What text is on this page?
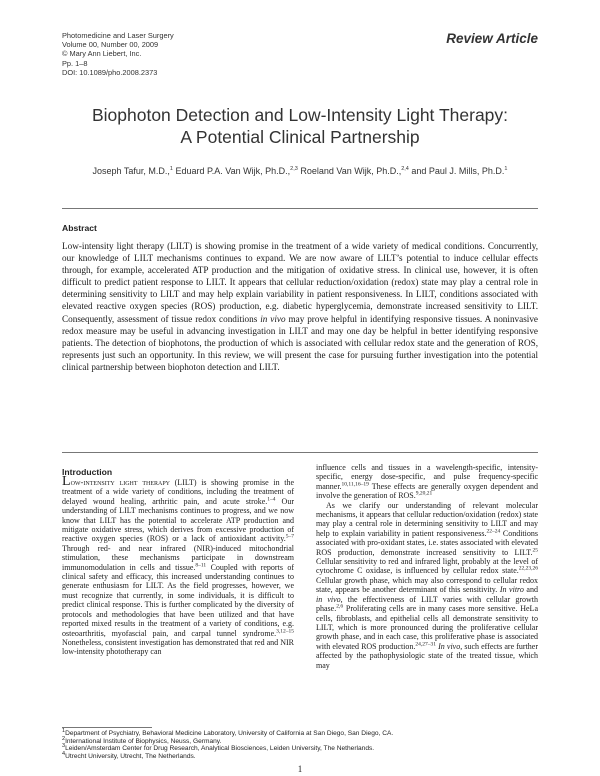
Photomedicine and Laser Surgery
Volume 00, Number 00, 2009
© Mary Ann Liebert, Inc.
Pp. 1–8
DOI: 10.1089/pho.2008.2373
Review Article
Biophoton Detection and Low-Intensity Light Therapy:
A Potential Clinical Partnership
Joseph Tafur, M.D.,$^1$ Eduard P.A. Van Wijk, Ph.D.,$^{2,3}$ Roeland Van Wijk, Ph.D.,$^{2,4}$ and Paul J. Mills, Ph.D.$^1$
Abstract

Low-intensity light therapy (LILT) is showing promise in the treatment of a wide variety of medical conditions. Concurrently, our knowledge of LILT mechanisms continues to expand. We are now aware of LILT’s potential to induce cellular effects through, for example, accelerated ATP production and the mitigation of oxidative stress. In clinical use, however, it is often difficult to predict patient response to LILT. It appears that cellular reduction/oxidation (redox) state may play a central role in determining sensitivity to LILT and may help explain variability in patient responsiveness. In LILT, conditions associated with elevated reactive oxygen species (ROS) production, e.g. diabetic hyperglycemia, demonstrate increased sensitivity to LILT. Consequently, assessment of tissue redox conditions in vivo may prove helpful in identifying responsive tissues. A noninvasive redox measure may be useful in advancing investigation in LILT and may one day be helpful in better identifying responsive patients. The detection of biophotons, the production of which is associated with cellular redox state and the generation of ROS, represents just such an opportunity. In this review, we will present the case for pursuing further investigation into the potential clinical partnership between biophoton detection and LILT.

Introduction

Low-intensity light therapy (LILT) is showing promise in the treatment of a wide variety of conditions, including the treatment of delayed wound healing, arthritic pain, and acute stroke.$^{1-4}$ Our understanding of LILT mechanisms continues to progress, and we now know that LILT has the potential to accelerate ATP production and mitigate oxidative stress, which derives from excessive production of reactive oxygen species (ROS) or a lack of antioxidant activity.$^{5-7}$ Through red- and near infrared (NIR)-induced mitochondrial stimulation, these mechanisms participate in downstream immunomodulation in cells and tissue.$^{8-11}$ Coupled with reports of clinical safety and efficacy, this increased understanding continues to generate enthusiasm for LILT. As the field progresses, however, we must recognize that currently, in some individuals, it is difficult to predict clinical response. This is further complicated by the diversity of protocols and methodologies that have been utilized and that have reported mixed results in the treatment of a variety of conditions, e.g. osteoarthritis, myofascial pain, and carpal tunnel syndrome.$^{3,12-15}$ Nonetheless, consistent investigation has demonstrated that red and NIR low-intensity phototherapy can

influence cells and tissues in a wavelength-specific, intensity-specific, energy dose-specific, and pulse frequency-specific manner.$^{10,11,16-19}$ These effects are generally oxygen dependent and involve the generation of ROS.$^{9,20,21}$

As we clarify our understanding of relevant molecular mechanisms, it appears that cellular reduction/oxidation (redox) state may play a central role in determining sensitivity to LILT and may help to explain variability in patient responsiveness.$^{22-24}$ Conditions associated with pro-oxidant states, i.e. states associated with elevated ROS production, demonstrate increased sensitivity to LILT.$^{25}$ Cellular sensitivity to red and infrared light, probably at the level of cytochrome C oxidase, is influenced by cellular redox state.$^{22,23,26}$ Cellular growth phase, which may also correspond to cellular redox state, appears be another determinant of this sensitivity. In vitro and in vivo, the effectiveness of LILT varies with cellular growth phase.$^{2,6}$ Proliferating cells are in many cases more sensitive. HeLa cells, fibroblasts, and epithelial cells all demonstrate sensitivity to LILT, which is more pronounced during the proliferative cellular growth phase, and in each case, this proliferative phase is associated with elevated ROS production.$^{24,27-31}$ In vivo, such effects are further affected by the pathophysiologic state of the treated tissue, which may

$^1$Department of Psychiatry, Behavioral Medicine Laboratory, University of California at San Diego, San Diego, CA.
$^2$International Institute of Biophysics, Neuss, Germany.
$^3$Leiden/Amsterdam Center for Drug Research, Analytical Biosciences, Leiden University, The Netherlands.
$^4$Utrecht University, Utrecht, The Netherlands.
1
